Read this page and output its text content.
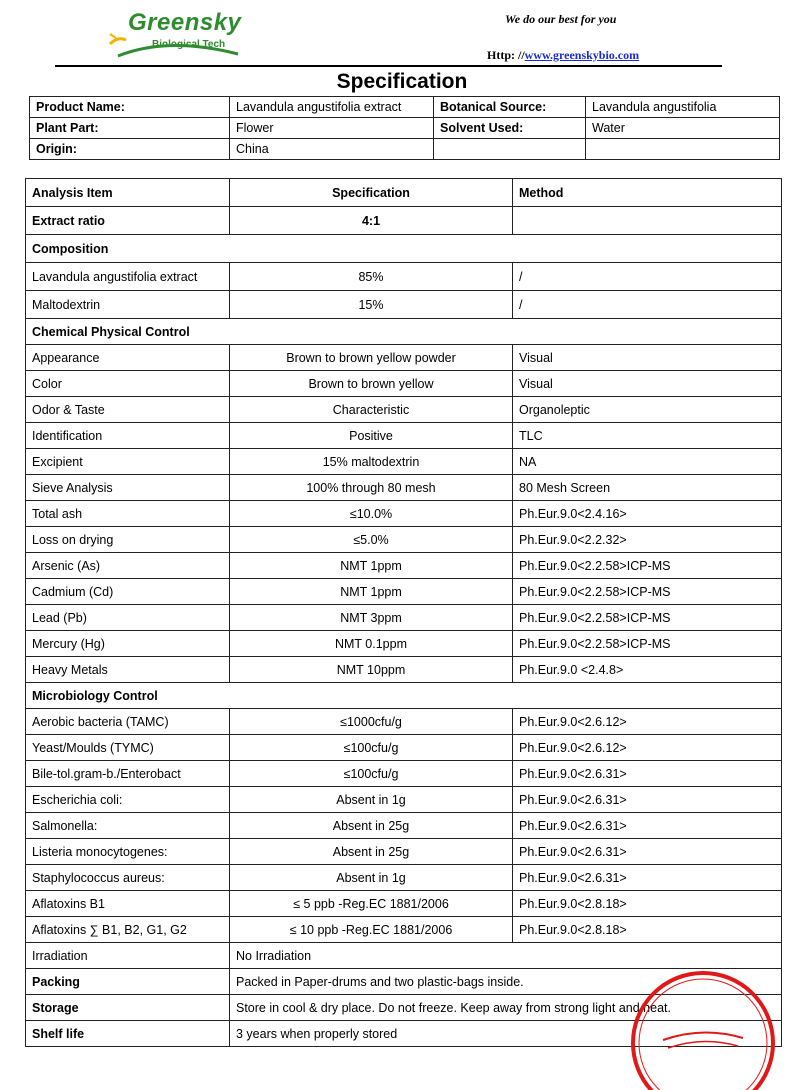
Greensky
Biological Tech
We do our best for you
Http: //www.greenskybio.com
Specification
Product Name:	Lavandula angustifolia extract	Botanical Source:	Lavandula angustifolia
Plant Part:	Flower	Solvent Used:	Water
Origin:	China		
Analysis Item	Specification	Method
Extract ratio	4:1	
Composition		
Lavandula angustifolia extract	85%	/
Maltodextrin	15%	/
Chemical Physical Control		
Appearance	Brown to brown yellow powder	Visual
Color	Brown to brown yellow	Visual
Odor & Taste	Characteristic	Organoleptic
Identification	Positive	TLC
Excipient	15% maltodextrin	NA
Sieve Analysis	100% through 80 mesh	80 Mesh Screen
Total ash	≤10.0%	Ph.Eur.9.0<2.4.16>
Loss on drying	≤5.0%	Ph.Eur.9.0<2.2.32>
Arsenic (As)	NMT 1ppm	Ph.Eur.9.0<2.2.58>ICP-MS
Cadmium (Cd)	NMT 1ppm	Ph.Eur.9.0<2.2.58>ICP-MS
Lead (Pb)	NMT 3ppm	Ph.Eur.9.0<2.2.58>ICP-MS
Mercury (Hg)	NMT 0.1ppm	Ph.Eur.9.0<2.2.58>ICP-MS
Heavy Metals	NMT 10ppm	Ph.Eur.9.0 <2.4.8>
Microbiology Control		
Aerobic bacteria (TAMC)	≤1000cfu/g	Ph.Eur.9.0<2.6.12>
Yeast/Moulds (TYMC)	≤100cfu/g	Ph.Eur.9.0<2.6.12>
Bile-tol.gram-b./Enterobact	≤100cfu/g	Ph.Eur.9.0<2.6.31>
Escherichia coli:	Absent in 1g	Ph.Eur.9.0<2.6.31>
Salmonella:	Absent in 25g	Ph.Eur.9.0<2.6.31>
Listeria monocytogenes:	Absent in 25g	Ph.Eur.9.0<2.6.31>
Staphylococcus aureus:	Absent in 1g	Ph.Eur.9.0<2.6.31>
Aflatoxins B1	≤ 5 ppb -Reg.EC 1881/2006	Ph.Eur.9.0<2.8.18>
Aflatoxins ∑ B1, B2, G1, G2	≤ 10 ppb -Reg.EC 1881/2006	Ph.Eur.9.0<2.8.18>
Irradiation	No Irradiation	
Packing	Packed in Paper-drums and two plastic-bags inside.	
Storage	Store in cool & dry place. Do not freeze. Keep away from strong light and heat.	
Shelf life	3 years when properly stored	
